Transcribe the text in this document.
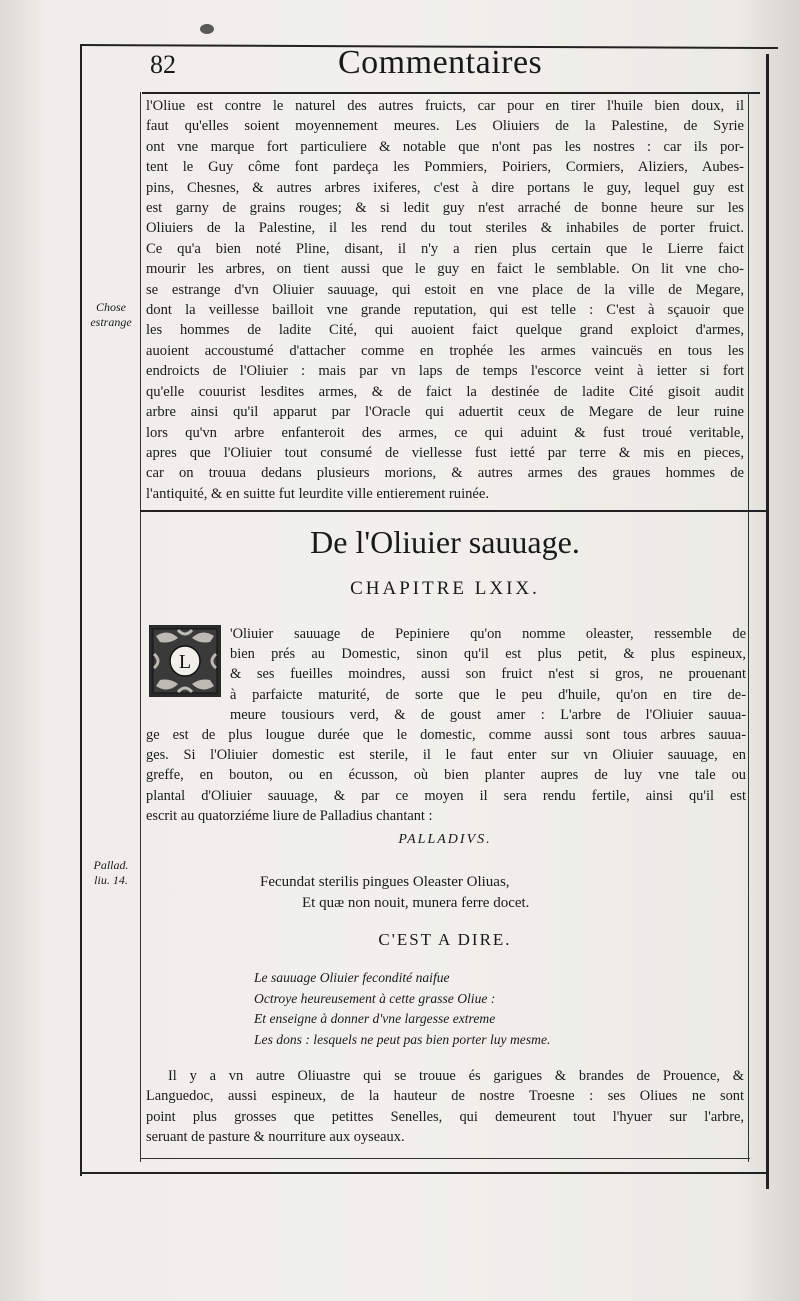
82	Commentaires
l'Oliue est contre le naturel des autres fruicts, car pour en tirer l'huile bien doux, il
faut qu'elles soient moyennement meures. Les Oliuiers de la Palestine, de Syrie
ont vne marque fort particuliere & notable que n'ont pas les nostres : car ils por-
tent le Guy côme font pardeça les Pommiers, Poiriers, Cormiers, Aliziers, Aubes-
pins, Chesnes, & autres arbres ixiferes, c'est à dire portans le guy, lequel guy est
est garny de grains rouges; & si ledit guy n'est arraché de bonne heure sur les
Oliuiers de la Palestine, il les rend du tout steriles & inhabiles de porter fruict.
Ce qu'a bien noté Pline, disant, il n'y a rien plus certain que le Lierre faict
mourir les arbres, on tient aussi que le guy en faict le semblable. On lit vne cho-
se estrange d'vn Oliuier sauuage, qui estoit en vne place de la ville de Megare,
dont la veillesse bailloit vne grande reputation, qui est telle : C'est à sçauoir que
les hommes de ladite Cité, qui auoient faict quelque grand exploict d'armes,
auoient accoustumé d'attacher comme en trophée les armes vaincuës en tous les
endroicts de l'Oliuier : mais par vn laps de temps l'escorce veint à ietter si fort
qu'elle couurist lesdites armes, & de faict la destinée de ladite Cité gisoit audit
arbre ainsi qu'il apparut par l'Oracle qui aduertit ceux de Megare de leur ruine
lors qu'vn arbre enfanteroit des armes, ce qui aduint & fust troué veritable,
apres que l'Oliuier tout consumé de viellesse fust ietté par terre & mis en pieces,
car on trouua dedans plusieurs morions, & autres armes des graues hommes de
l'antiquité, & en suitte fut leurdite ville entierement ruinée.
Chose
estrange
De l'Oliuier sauuage.
CHAPITRE LXIX.
'Oliuier sauuage de Pepiniere qu'on nomme oleaster, ressemble de
bien prés au Domestic, sinon qu'il est plus petit, & plus espineux,
& ses fueilles moindres, aussi son fruict n'est si gros, ne prouenant
à parfaicte maturité, de sorte que le peu d'huile, qu'on en tire de-
meure tousiours verd, & de goust amer : L'arbre de l'Oliuier sauua-
ge est de plus lougue durée que le domestic, comme aussi sont tous arbres sauua-
ges. Si l'Oliuier domestic est sterile, il le faut enter sur vn Oliuier sauuage, en
greffe, en bouton, ou en écusson, où bien planter aupres de luy vne tale ou
plantal d'Oliuier sauuage, & par ce moyen il sera rendu fertile, ainsi qu'il est
escrit au quatorziéme liure de Palladius chantant :
L
Pallad.
liu. 14.
PALLADIVS.
Fecundat sterilis pingues Oleaster Oliuas,
Et quæ non nouit, munera ferre docet.
C'EST A DIRE.
Le sauuage Oliuier fecondité naifue
Octroye heureusement à cette grasse Oliue :
Et enseigne à donner d'vne largesse extreme
Les dons : lesquels ne peut pas bien porter luy mesme.
Il y a vn autre Oliuastre qui se trouue és garigues & brandes de Prouence, &
Languedoc, aussi espineux, de la hauteur de nostre Troesne : ses Oliues ne sont
point plus grosses que petittes Senelles, qui demeurent tout l'hyuer sur l'arbre,
seruant de pasture & nourriture aux oyseaux.
